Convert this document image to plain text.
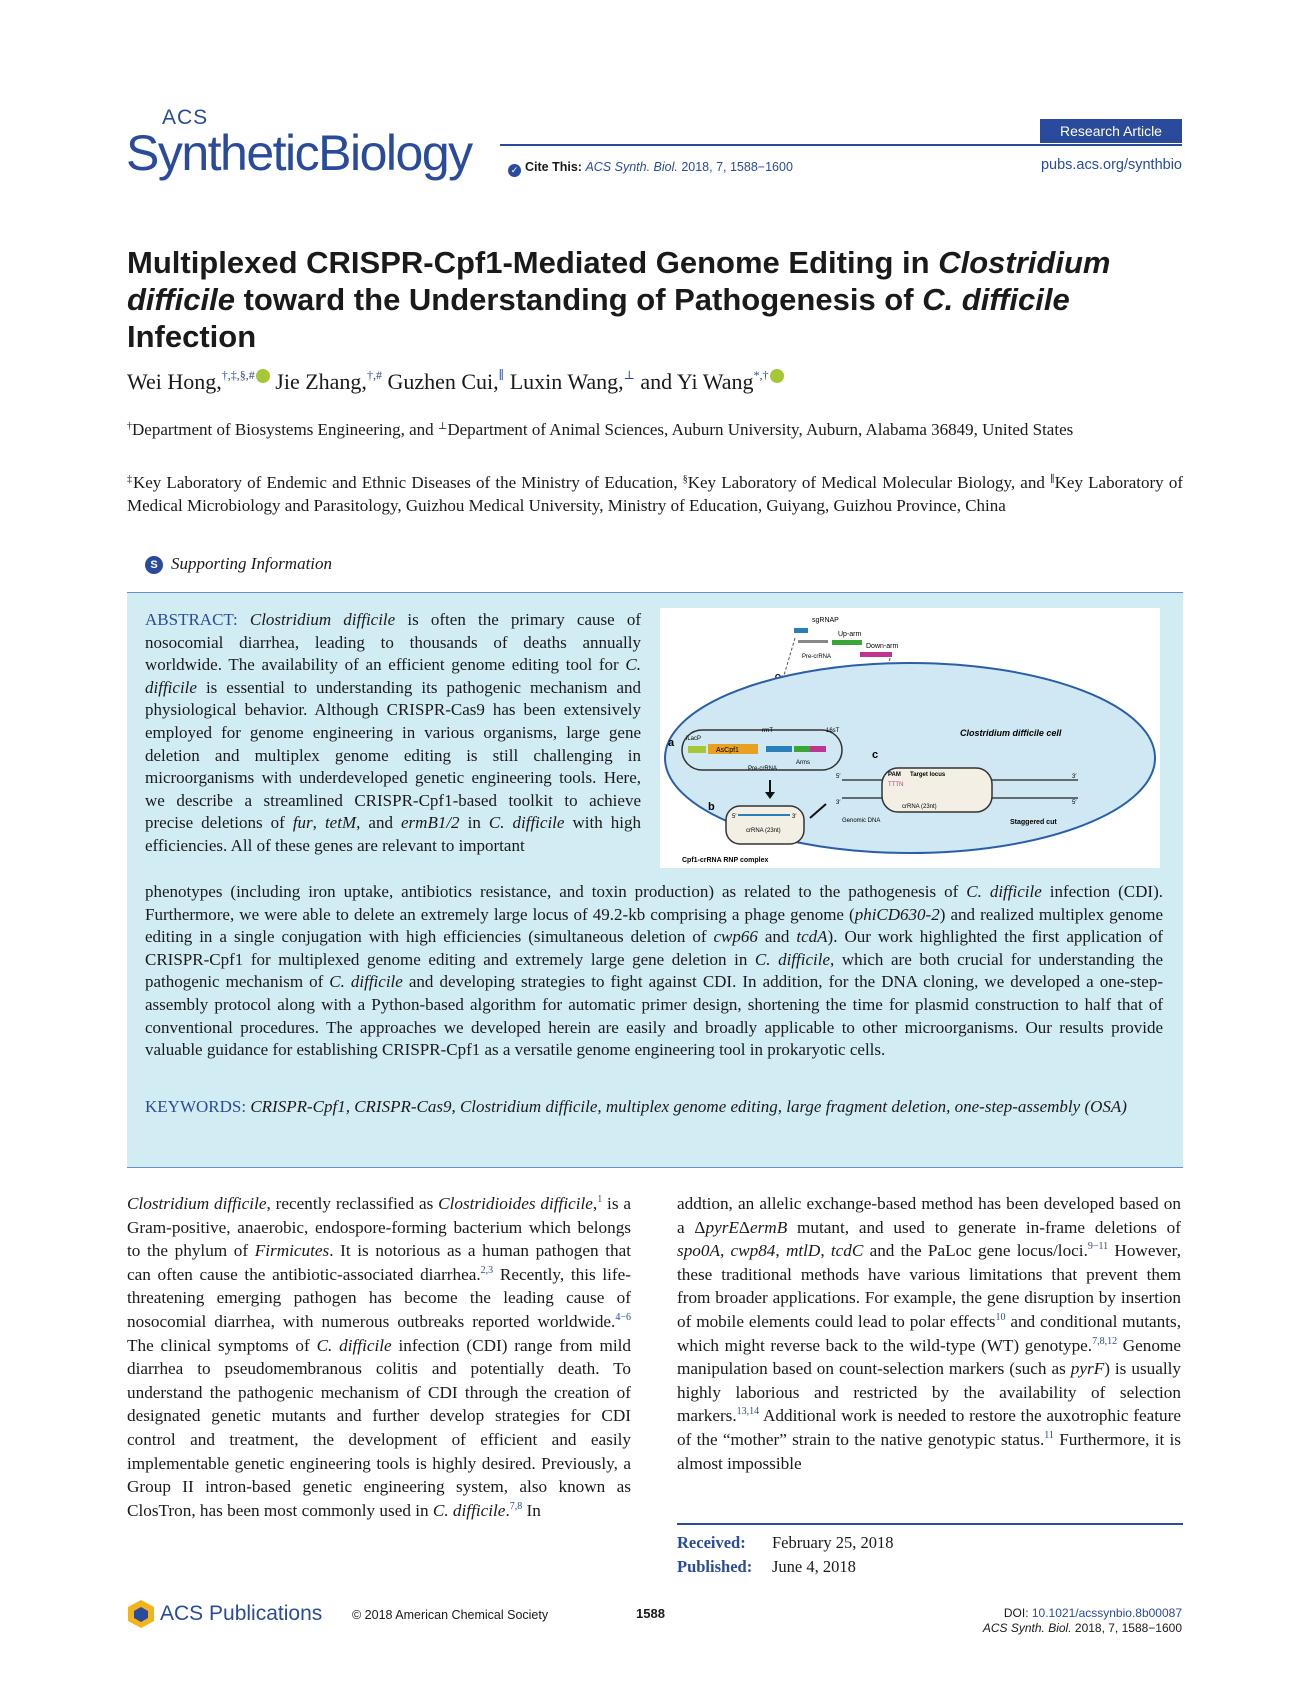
ACS
SyntheticBiology	Research Article
✓ Cite This: ACS Synth. Biol. 2018, 7, 1588−1600	pubs.acs.org/synthbio
Multiplexed CRISPR-Cpf1-Mediated Genome Editing in Clostridium difficile toward the Understanding of Pathogenesis of C. difficile Infection
Wei Hong,†,‡,§,# Jie Zhang,†,# Guzhen Cui,∥ Luxin Wang,⊥ and Yi Wang*,†
†Department of Biosystems Engineering, and ⊥Department of Animal Sciences, Auburn University, Auburn, Alabama 36849, United States
‡Key Laboratory of Endemic and Ethnic Diseases of the Ministry of Education, §Key Laboratory of Medical Molecular Biology, and ∥Key Laboratory of Medical Microbiology and Parasitology, Guizhou Medical University, Ministry of Education, Guiyang, Guizhou Province, China
S Supporting Information
ABSTRACT: Clostridium difficile is often the primary cause of nosocomial diarrhea, leading to thousands of deaths annually worldwide. The availability of an efficient genome editing tool for C. difficile is essential to understanding its pathogenic mechanism and physiological behavior. Although CRISPR-Cas9 has been extensively employed for genome engineering in various organisms, large gene deletion and multiplex genome editing is still challenging in microorganisms with underdeveloped genetic engineering tools. Here, we describe a streamlined CRISPR-Cpf1-based toolkit to achieve precise deletions of fur, tetM, and ermB1/2 in C. difficile with high efficiencies. All of these genes are relevant to important
phenotypes (including iron uptake, antibiotics resistance, and toxin production) as related to the pathogenesis of C. difficile infection (CDI). Furthermore, we were able to delete an extremely large locus of 49.2-kb comprising a phage genome (phiCD630-2) and realized multiplex genome editing in a single conjugation with high efficiencies (simultaneous deletion of cwp66 and tcdA). Our work highlighted the first application of CRISPR-Cpf1 for multiplexed genome editing and extremely large gene deletion in C. difficile, which are both crucial for understanding the pathogenic mechanism of C. difficile and developing strategies to fight against CDI. In addition, for the DNA cloning, we developed a one-step-assembly protocol along with a Python-based algorithm for automatic primer design, shortening the time for plasmid construction to half that of conventional procedures. The approaches we developed herein are easily and broadly applicable to other microorganisms. Our results provide valuable guidance for establishing CRISPR-Cpf1 as a versatile genome engineering tool in prokaryotic cells.
KEYWORDS: CRISPR-Cpf1, CRISPR-Cas9, Clostridium difficile, multiplex genome editing, large fragment deletion, one-step-assembly (OSA)
sgRNAP
Up-arm
Down-arm
Pre-crRNA
Clostridium difficile cell
a iLacP
AsCpf1
rrnT	16sT
Arms
Pre-crRNA
b
5′	3′
crRNA (23nt)
Cpf1-crRNA RNP complex
c
5′
3′
3′
5′
PAM Target locus
TTTN
crRNA (23nt)
Genomic DNA	Staggered cut
Clostridium difficile, recently reclassified as Clostridioides difficile,$^1$ is a Gram-positive, anaerobic, endospore-forming bacterium which belongs to the phylum of Firmicutes. It is notorious as a human pathogen that can often cause the antibiotic-associated diarrhea.$^{2,3}$ Recently, this life-threatening emerging pathogen has become the leading cause of nosocomial diarrhea, with numerous outbreaks reported worldwide.$^{4-6}$ The clinical symptoms of C. difficile infection (CDI) range from mild diarrhea to pseudomembranous colitis and potentially death. To understand the pathogenic mechanism of CDI through the creation of designated genetic mutants and further develop strategies for CDI control and treatment, the development of efficient and easily implementable genetic engineering tools is highly desired. Previously, a Group II intron-based genetic engineering system, also known as ClosTron, has been most commonly used in C. difficile.$^{7,8}$ In
addtion, an allelic exchange-based method has been developed based on a ΔpyrEΔermB mutant, and used to generate in-frame deletions of spo0A, cwp84, mtlD, tcdC and the PaLoc gene locus/loci.$^{9-11}$ However, these traditional methods have various limitations that prevent them from broader applications. For example, the gene disruption by insertion of mobile elements could lead to polar effects$^{10}$ and conditional mutants, which might reverse back to the wild-type (WT) genotype.$^{7,8,12}$ Genome manipulation based on count-selection markers (such as pyrF) is usually highly laborious and restricted by the availability of selection markers.$^{13,14}$ Additional work is needed to restore the auxotrophic feature of the “mother” strain to the native genotypic status.$^{11}$ Furthermore, it is almost impossible
Received: February 25, 2018
Published: June 4, 2018
ACS Publications © 2018 American Chemical Society	1588	DOI: 10.1021/acssynbio.8b00087
ACS Synth. Biol. 2018, 7, 1588−1600
